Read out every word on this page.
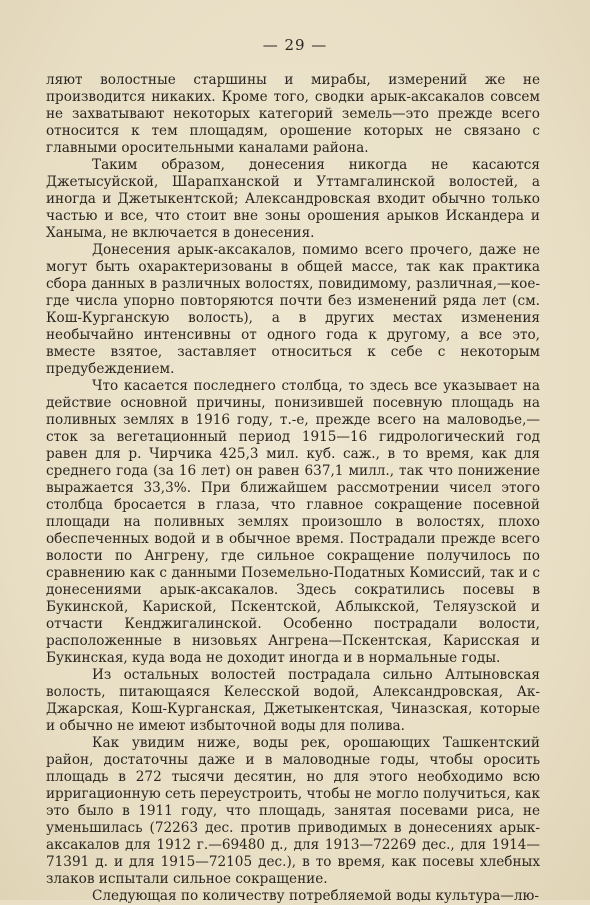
— 29 —

ляют волостные старшины и мирабы, измерений же не производится никаких. Кроме того, сводки арык-аксакалов совсем не захватывают некоторых категорий земель—это прежде всего относится к тем площадям, орошение которых не связано с главными оросительными каналами района.

Таким образом, донесения никогда не касаются Джетысуйской, Шарапханской и Уттамгалинской волостей, а иногда и Джетыкентской; Александровская входит обычно только частью и все, что стоит вне зоны орошения арыков Искандера и Ханыма, не включается в донесения.

Донесения арык-аксакалов, помимо всего прочего, даже не могут быть охарактеризованы в общей массе, так как практика сбора данных в различных волостях, повидимому, различная,—кое-где числа упорно повторяются почти без изменений ряда лет (см. Кош-Курганскую волость), а в других местах изменения необычайно интенсивны от одного года к другому, а все это, вместе взятое, заставляет относиться к себе с некоторым предубеждением.

Что касается последнего столбца, то здесь все указывает на действие основной причины, понизившей посевную площадь на поливных землях в 1916 году, т.-е, прежде всего на маловодье,—сток за вегетационный период 1915—16 гидрологический год равен для р. Чирчика 425,3 мил. куб. саж., в то время, как для среднего года (за 16 лет) он равен 637,1 милл., так что понижение выражается 33,3%. При ближайшем рассмотрении чисел этого столбца бросается в глаза, что главное сокращение посевной площади на поливных землях произошло в волостях, плохо обеспеченных водой и в обычное время. Пострадали прежде всего волости по Ангрену, где сильное сокращение получилось по сравнению как с данными Поземельно-Податных Комиссий, так и с донесениями арык-аксакалов. Здесь сократились посевы в Букинской, Кариской, Пскентской, Аблыкской, Теляузской и отчасти Кенджигалинской. Особенно пострадали волости, расположенные в низовьях Ангрена—Пскентская, Карисская и Букинская, куда вода не доходит иногда и в нормальные годы.

Из остальных волостей пострадала сильно Алтыновская волость, питающаяся Келесской водой, Александровская, Ак-Джарская, Кош-Курганская, Джетыкентская, Чиназская, которые и обычно не имеют избыточной воды для полива.

Как увидим ниже, воды рек, орошающих Ташкентский район, достаточны даже и в маловодные годы, чтобы оросить площадь в 272 тысячи десятин, но для этого необходимо всю ирригационную сеть переустроить, чтобы не могло получиться, как это было в 1911 году, что площадь, занятая посевами риса, не уменьшилась (72263 дес. против приводимых в донесениях арык-аксакалов для 1912 г.—69480 д., для 1913—72269 дес., для 1914—71391 д. и для 1915—72105 дес.), в то время, как посевы хлебных злаков испытали сильное сокращение.

Следующая по количеству потребляемой воды культура—лю-
